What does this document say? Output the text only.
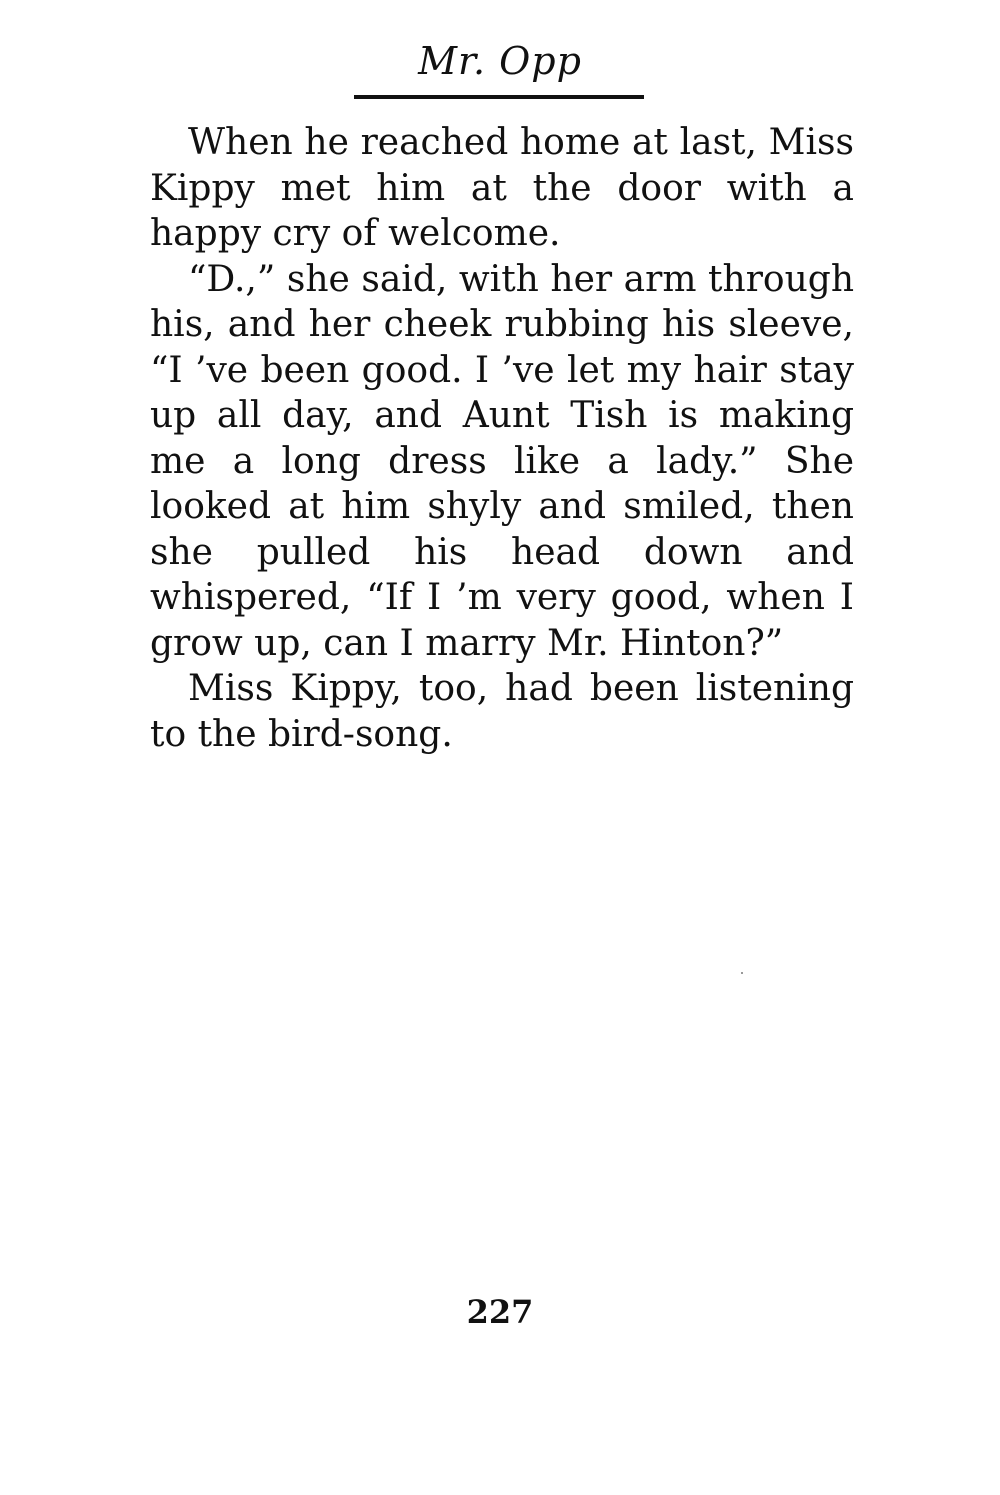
Mr. Opp

When he reached home at last, Miss Kippy met him at the door with a happy cry of welcome.

“D.,” she said, with her arm through his, and her cheek rubbing his sleeve, “I ’ve been good. I ’ve let my hair stay up all day, and Aunt Tish is making me a long dress like a lady.” She looked at him shyly and smiled, then she pulled his head down and whispered, “If I ’m very good, when I grow up, can I marry Mr. Hinton?”

Miss Kippy, too, had been listening to the bird-song.

227
